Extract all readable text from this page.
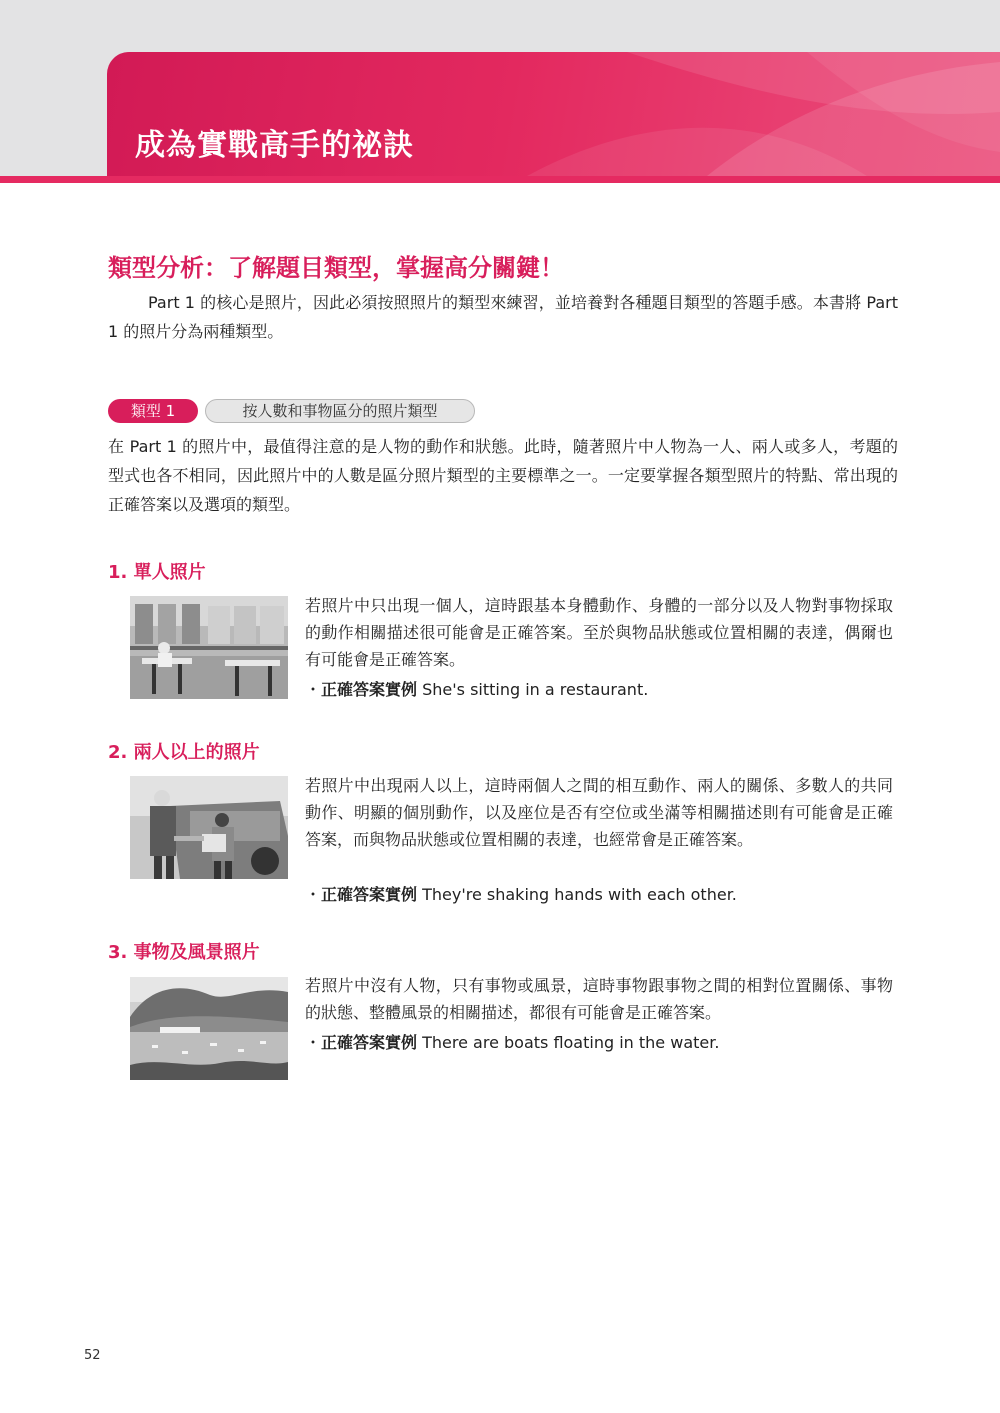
成為實戰高手的祕訣
類型分析：了解題目類型，掌握高分關鍵！

Part 1 的核心是照片，因此必須按照照片的類型來練習，並培養對各種題目類型的答題手感。本書將 Part 1 的照片分為兩種類型。

類型 1	按人數和事物區分的照片類型

在 Part 1 的照片中，最值得注意的是人物的動作和狀態。此時，隨著照片中人物為一人、兩人或多人，考題的型式也各不相同，因此照片中的人數是區分照片類型的主要標準之一。一定要掌握各類型照片的特點、常出現的正確答案以及選項的類型。

1. 單人照片

若照片中只出現一個人，這時跟基本身體動作、身體的一部分以及人物對事物採取的動作相關描述很可能會是正確答案。至於與物品狀態或位置相關的表達，偶爾也有可能會是正確答案。

・正確答案實例 She's sitting in a restaurant.

2. 兩人以上的照片

若照片中出現兩人以上，這時兩個人之間的相互動作、兩人的關係、多數人的共同動作、明顯的個別動作，以及座位是否有空位或坐滿等相關描述則有可能會是正確答案，而與物品狀態或位置相關的表達，也經常會是正確答案。

・正確答案實例 They're shaking hands with each other.

3. 事物及風景照片

若照片中沒有人物，只有事物或風景，這時事物跟事物之間的相對位置關係、事物的狀態、整體風景的相關描述，都很有可能會是正確答案。

・正確答案實例 There are boats floating in the water.

52
